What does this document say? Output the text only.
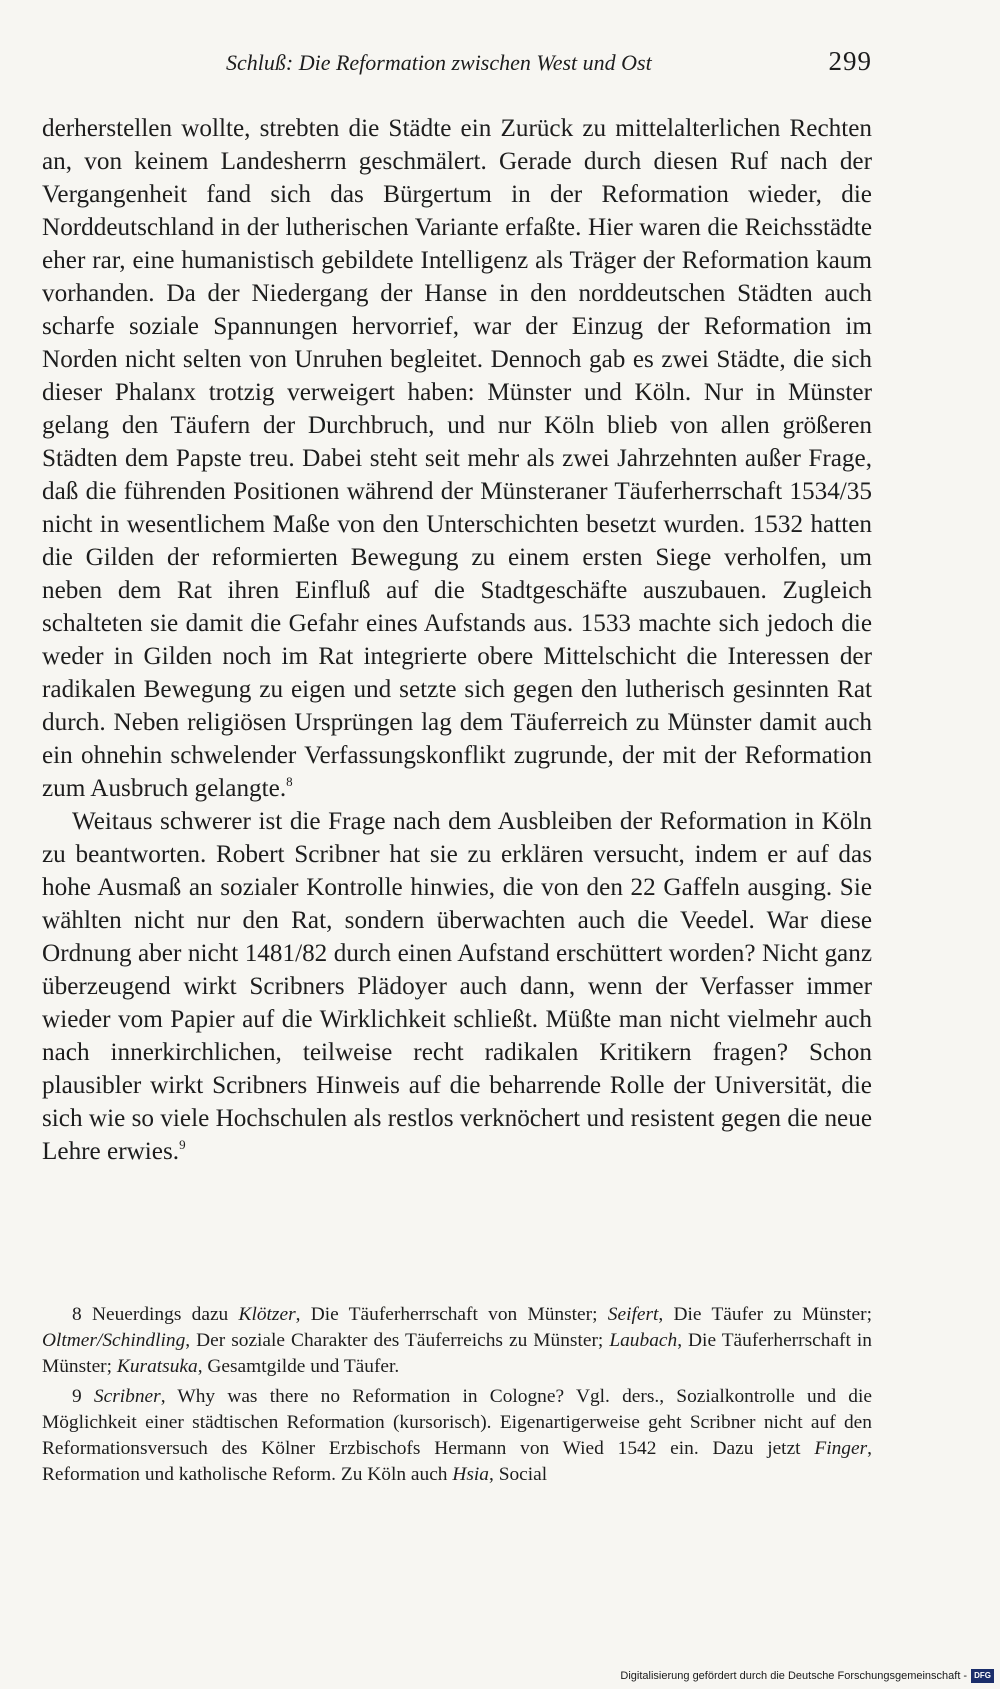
Schluß: Die Reformation zwischen West und Ost	299

derherstellen wollte, strebten die Städte ein Zurück zu mittelalterlichen Rechten an, von keinem Landesherrn geschmälert. Gerade durch diesen Ruf nach der Vergangenheit fand sich das Bürgertum in der Reformation wieder, die Norddeutschland in der lutherischen Variante erfaßte. Hier waren die Reichsstädte eher rar, eine humanistisch gebildete Intelligenz als Träger der Reformation kaum vorhanden. Da der Niedergang der Hanse in den norddeutschen Städten auch scharfe soziale Spannungen hervorrief, war der Einzug der Reformation im Norden nicht selten von Unruhen begleitet. Dennoch gab es zwei Städte, die sich dieser Phalanx trotzig verweigert haben: Münster und Köln. Nur in Münster gelang den Täufern der Durchbruch, und nur Köln blieb von allen größeren Städten dem Papste treu. Dabei steht seit mehr als zwei Jahrzehnten außer Frage, daß die führenden Positionen während der Münsteraner Täuferherrschaft 1534/35 nicht in wesentlichem Maße von den Unterschichten besetzt wurden. 1532 hatten die Gilden der reformierten Bewegung zu einem ersten Siege verholfen, um neben dem Rat ihren Einfluß auf die Stadtgeschäfte auszubauen. Zugleich schalteten sie damit die Gefahr eines Aufstands aus. 1533 machte sich jedoch die weder in Gilden noch im Rat integrierte obere Mittelschicht die Interessen der radikalen Bewegung zu eigen und setzte sich gegen den lutherisch gesinnten Rat durch. Neben religiösen Ursprüngen lag dem Täuferreich zu Münster damit auch ein ohnehin schwelender Verfassungskonflikt zugrunde, der mit der Reformation zum Ausbruch gelangte.$^8$

Weitaus schwerer ist die Frage nach dem Ausbleiben der Reformation in Köln zu beantworten. Robert Scribner hat sie zu erklären versucht, indem er auf das hohe Ausmaß an sozialer Kontrolle hinwies, die von den 22 Gaffeln ausging. Sie wählten nicht nur den Rat, sondern überwachten auch die Veedel. War diese Ordnung aber nicht 1481/82 durch einen Aufstand erschüttert worden? Nicht ganz überzeugend wirkt Scribners Plädoyer auch dann, wenn der Verfasser immer wieder vom Papier auf die Wirklichkeit schließt. Müßte man nicht vielmehr auch nach innerkirchlichen, teilweise recht radikalen Kritikern fragen? Schon plausibler wirkt Scribners Hinweis auf die beharrende Rolle der Universität, die sich wie so viele Hochschulen als restlos verknöchert und resistent gegen die neue Lehre erwies.$^9$

8 Neuerdings dazu Klötzer, Die Täuferherrschaft von Münster; Seifert, Die Täufer zu Münster; Oltmer/Schindling, Der soziale Charakter des Täuferreichs zu Münster; Laubach, Die Täuferherrschaft in Münster; Kuratsuka, Gesamtgilde und Täufer.

9 Scribner, Why was there no Reformation in Cologne? Vgl. ders., Sozialkontrolle und die Möglichkeit einer städtischen Reformation (kursorisch). Eigenartigerweise geht Scribner nicht auf den Reformationsversuch des Kölner Erzbischofs Hermann von Wied 1542 ein. Dazu jetzt Finger, Reformation und katholische Reform. Zu Köln auch Hsia, Social

Digitalisierung gefördert durch die Deutsche Forschungsgemeinschaft - DFG
